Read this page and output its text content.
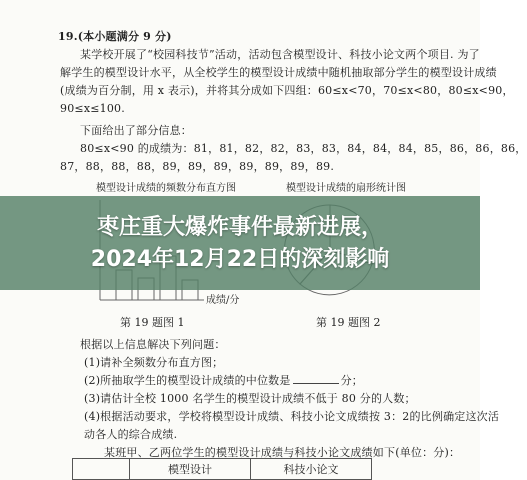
19.(本小题满分 9 分)
某学校开展了“校园科技节”活动，活动包含模型设计、科技小论文两个项目. 为了
解学生的模型设计水平，从全校学生的模型设计成绩中随机抽取部分学生的模型设计成绩
(成绩为百分制，用 x 表示)，并将其分成如下四组：60≤x<70，70≤x<80，80≤x<90，
90≤x≤100.
下面给出了部分信息：
80≤x<90 的成绩为：81，81，82，82，83，83，84，84，84，85，86，86，86，
87，88，88，88，89，89，89，89，89，89，89.
模型设计成绩的频数分布直方图	模型设计成绩的扇形统计图
成绩/分
第 19 题图 1	第 19 题图 2
根据以上信息解决下列问题：
(1)请补全频数分布直方图；
(2)所抽取学生的模型设计成绩的中位数是	分；
(3)请估计全校 1000 名学生的模型设计成绩不低于 80 分的人数；
(4)根据活动要求，学校将模型设计成绩、科技小论文成绩按 3：2的比例确定这次活
动各人的综合成绩.
某班甲、乙两位学生的模型设计成绩与科技小论文成绩如下(单位：分)：
	模型设计	科技小论文
枣庄重大爆炸事件最新进展，
2024年12月22日的深刻影响
